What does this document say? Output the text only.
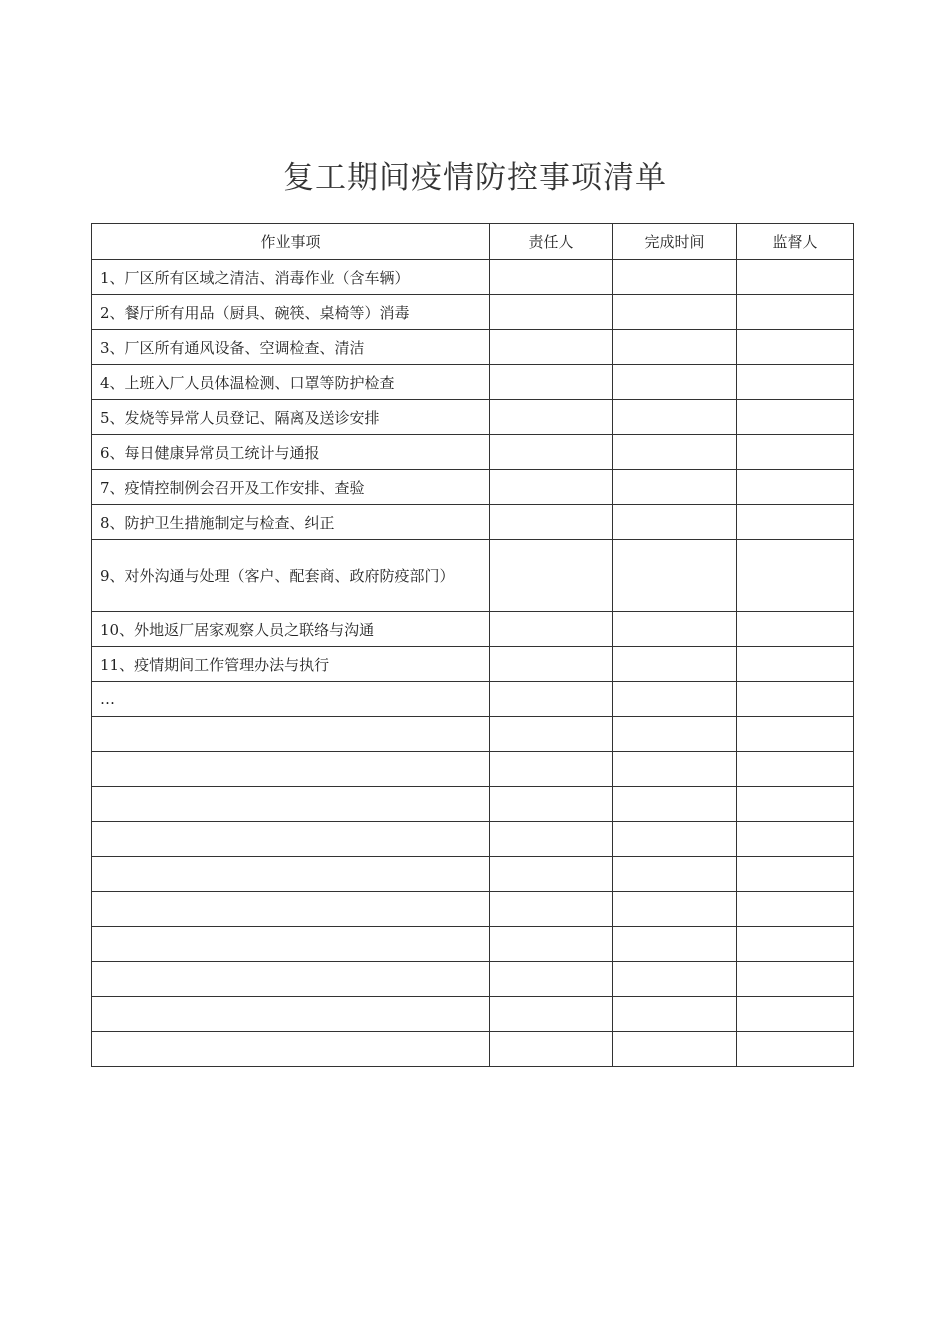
复工期间疫情防控事项清单
作业事项	责任人	完成时间	监督人
1、厂区所有区域之清洁、消毒作业（含车辆）			
2、餐厅所有用品（厨具、碗筷、桌椅等）消毒			
3、厂区所有通风设备、空调检查、清洁			
4、上班入厂人员体温检测、口罩等防护检查			
5、发烧等异常人员登记、隔离及送诊安排			
6、每日健康异常员工统计与通报			
7、疫情控制例会召开及工作安排、查验			
8、防护卫生措施制定与检查、纠正			
9、对外沟通与处理（客户、配套商、政府防疫部门）			
10、外地返厂居家观察人员之联络与沟通			
11、疫情期间工作管理办法与执行			
…			
